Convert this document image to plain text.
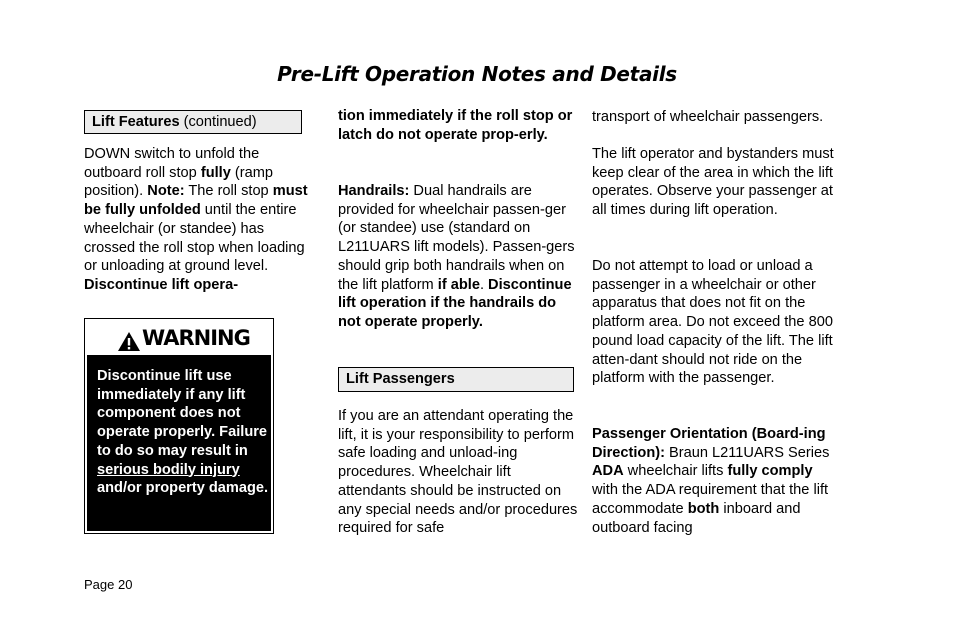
Pre-Lift Operation Notes and Details
Lift Features (continued)

DOWN switch to unfold the outboard roll stop fully (ramp position). Note: The roll stop must be fully unfolded until the entire wheelchair (or standee) has crossed the roll stop when loading or unloading at ground level. Discontinue lift opera-

WARNING
Discontinue lift use immediately if any lift component does not operate properly. Failure to do so may result in serious bodily injury and/or property damage.

tion immediately if the roll stop or latch do not operate prop-erly.

Handrails: Dual handrails are provided for wheelchair passen-ger (or standee) use (standard on L211UARS lift models). Passen-gers should grip both handrails when on the lift platform if able. Discontinue lift operation if the handrails do not operate properly.

Lift Passengers

If you are an attendant operating the lift, it is your responsibility to perform safe loading and unload-ing procedures. Wheelchair lift attendants should be instructed on any special needs and/or procedures required for safe

transport of wheelchair passengers.

The lift operator and bystanders must keep clear of the area in which the lift operates. Observe your passenger at all times during lift operation.

Do not attempt to load or unload a passenger in a wheelchair or other apparatus that does not fit on the platform area. Do not exceed the 800 pound load capacity of the lift. The lift atten-dant should not ride on the platform with the passenger.

Passenger Orientation (Board-ing Direction): Braun L211UARS Series ADA wheelchair lifts fully comply with the ADA requirement that the lift accommodate both inboard and outboard facing

Page 20
